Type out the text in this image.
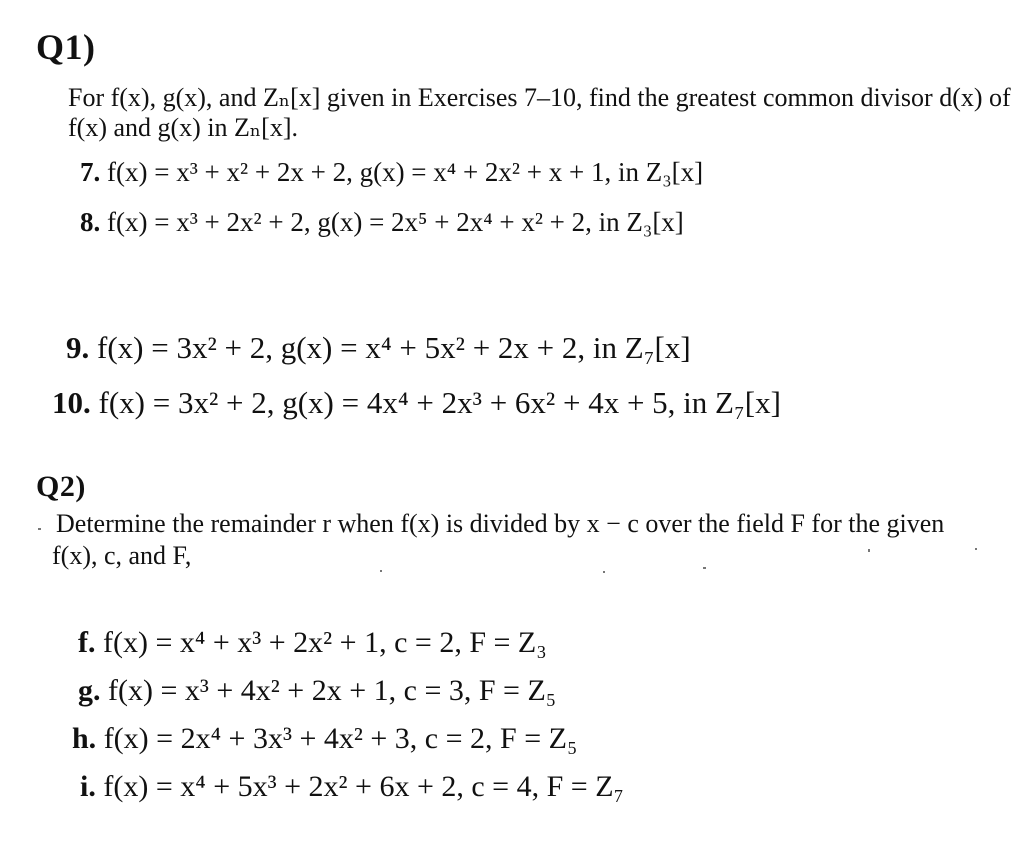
Q1)
For f(x), g(x), and Zₙ[x] given in Exercises 7–10, find the greatest common divisor d(x) of
f(x) and g(x) in Zₙ[x].
7. f(x) = x³ + x² + 2x + 2, g(x) = x⁴ + 2x² + x + 1, in Z₃[x]
8. f(x) = x³ + 2x² + 2, g(x) = 2x⁵ + 2x⁴ + x² + 2, in Z₃[x]
9. f(x) = 3x² + 2, g(x) = x⁴ + 5x² + 2x + 2, in Z₇[x]
10. f(x) = 3x² + 2, g(x) = 4x⁴ + 2x³ + 6x² + 4x + 5, in Z₇[x]
Q2)
Determine the remainder r when f(x) is divided by x − c over the field F for the given
f(x), c, and F,
f. f(x) = x⁴ + x³ + 2x² + 1, c = 2, F = Z₃
g. f(x) = x³ + 4x² + 2x + 1, c = 3, F = Z₅
h. f(x) = 2x⁴ + 3x³ + 4x² + 3, c = 2, F = Z₅
i. f(x) = x⁴ + 5x³ + 2x² + 6x + 2, c = 4, F = Z₇
